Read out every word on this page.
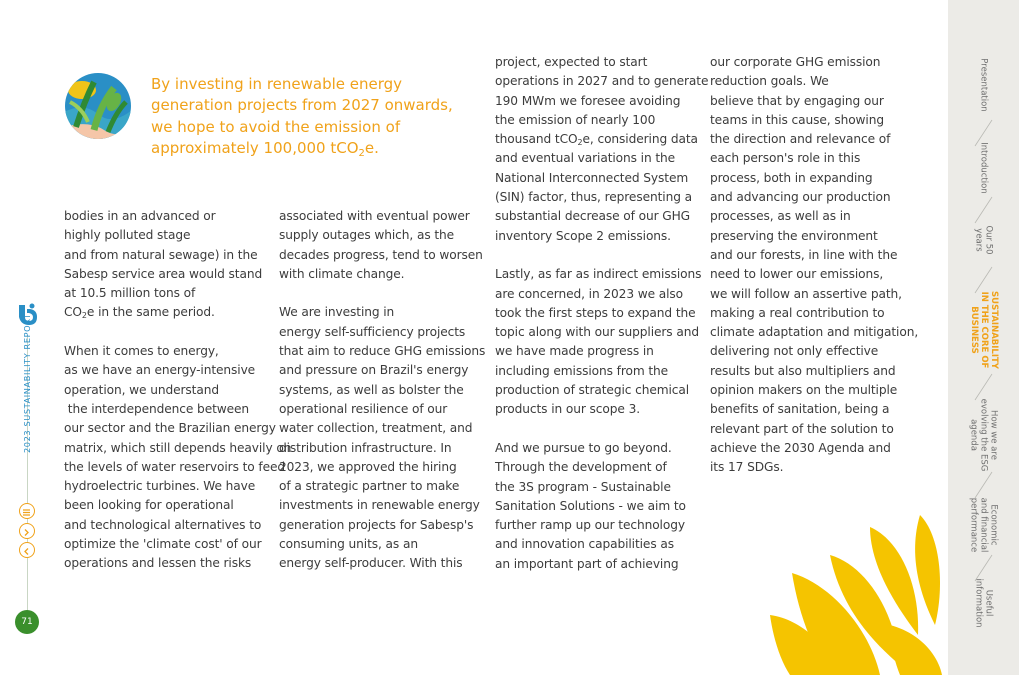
By investing in renewable energy

generation projects from 2027 onwards,

we hope to avoid the emission of

approximately 100,000 tCO$_2$e.

bodies in an advanced or

highly polluted stage

and from natural sewage) in the

Sabesp service area would stand

at 10.5 million tons of

$CO_2e$ in the same period.

When it comes to energy,

as we have an energy-intensive

operation, we understand

the interdependence between

our sector and the Brazilian energy

matrix, which still depends heavily on

the levels of water reservoirs to feed

hydroelectric turbines. We have

been looking for operational

and technological alternatives to

optimize the 'climate cost' of our

operations and lessen the risks

associated with eventual power

supply outages which, as the

decades progress, tend to worsen

with climate change.

We are investing in

energy self-sufficiency projects

that aim to reduce GHG emissions

and pressure on Brazil's energy

systems, as well as bolster the

operational resilience of our

water collection, treatment, and

distribution infrastructure. In

2023, we approved the hiring

of a strategic partner to make

investments in renewable energy

generation projects for Sabesp's

consuming units, as an

energy self-producer. With this

project, expected to start

operations in 2027 and to generate

190 MWm we foresee avoiding

the emission of nearly 100

thousand tCO$_2$e, considering data

and eventual variations in the

National Interconnected System

(SIN) factor, thus, representing a

substantial decrease of our GHG

inventory Scope 2 emissions.

Lastly, as far as indirect emissions

are concerned, in 2023 we also

took the first steps to expand the

topic along with our suppliers and

we have made progress in

including emissions from the

production of strategic chemical

products in our scope 3.

And we pursue to go beyond.

Through the development of

the 3S program - Sustainable

Sanitation Solutions - we aim to

further ramp up our technology

and innovation capabilities as

an important part of achieving

our corporate GHG emission

reduction goals. We

believe that by engaging our

teams in this cause, showing

the direction and relevance of

each person's role in this

process, both in expanding

and advancing our production

processes, as well as in

preserving the environment

and our forests, in line with the

need to lower our emissions,

we will follow an assertive path,

making a real contribution to

climate adaptation and mitigation,

delivering not only effective

results but also multipliers and

opinion makers on the multiple

benefits of sanitation, being a

relevant part of the solution to

achieve the 2030 Agenda and

its 17 SDGs.

2023 SUSTAINABILITY REPORT
71
Presentation
Introduction
Our 50
years
SUSTAINABILITY
IN THE CORE OF
BUSINESS
How we are
evolving the ESG
agenda
Economic
and financial
performance
Useful
information
